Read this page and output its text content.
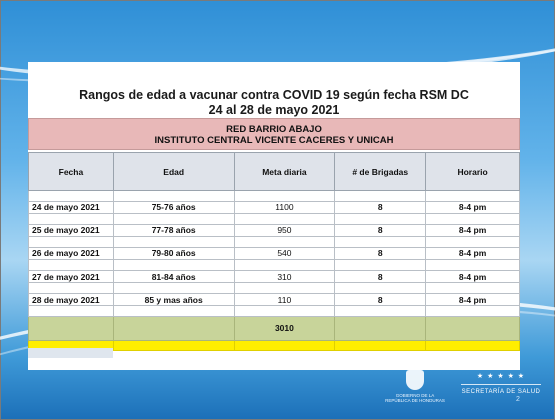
Rangos de edad a vacunar contra COVID 19 según fecha RSM DC
24 al 28 de mayo 2021
RED BARRIO ABAJO
INSTITUTO CENTRAL VICENTE CACERES Y UNICAH
Fecha	Edad	Meta diaria	# de Brigadas	Horario

24 de mayo 2021	75-76 años	1100	8	8-4 pm

25 de mayo 2021	77-78 años	950	8	8-4 pm

26 de mayo 2021	79-80 años	540	8	8-4 pm

27 de mayo 2021	81-84 años	310	8	8-4 pm

28 de mayo 2021	85 y mas años	110	8	8-4 pm

		3010		

GOBIERNO DE LA REPÚBLICA DE HONDURAS
★ ★ ★ ★ ★
SECRETARÍA DE SALUD
2
